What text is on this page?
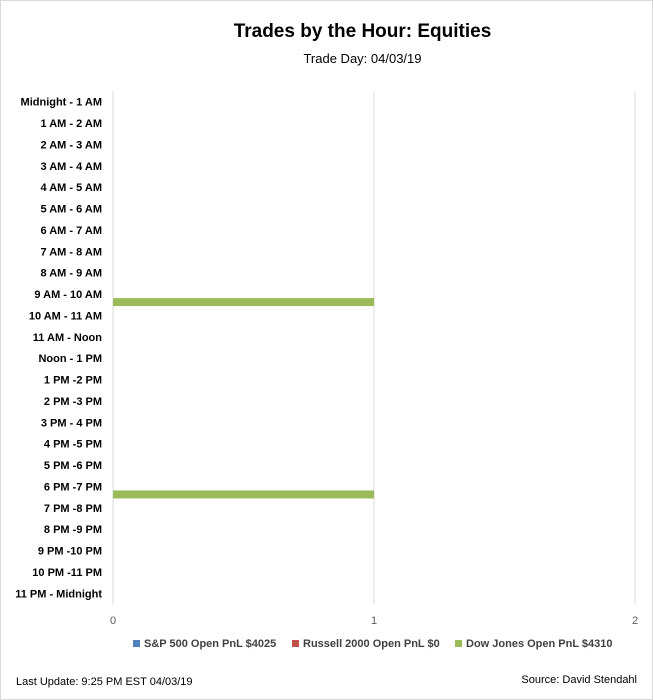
Trades by the Hour: Equities
Trade Day: 04/03/19
Midnight - 1 AM
1 AM - 2 AM
2 AM - 3 AM
3 AM - 4 AM
4 AM - 5 AM
5 AM - 6 AM
6 AM - 7 AM
7 AM - 8 AM
8 AM - 9 AM
9 AM - 10 AM
10 AM - 11 AM
11 AM - Noon
Noon - 1 PM
1 PM -2 PM
2 PM -3 PM
3 PM - 4 PM
4 PM -5 PM
5 PM -6 PM
6 PM -7 PM
7 PM -8 PM
8 PM -9 PM
9 PM -10 PM
10 PM -11 PM
11 PM - Midnight
0	1	2
S&P 500 Open PnL $4025 Russell 2000 Open PnL $0 Dow Jones Open PnL $4310
Last Update: 9:25 PM EST 04/03/19	Source: David Stendahl
